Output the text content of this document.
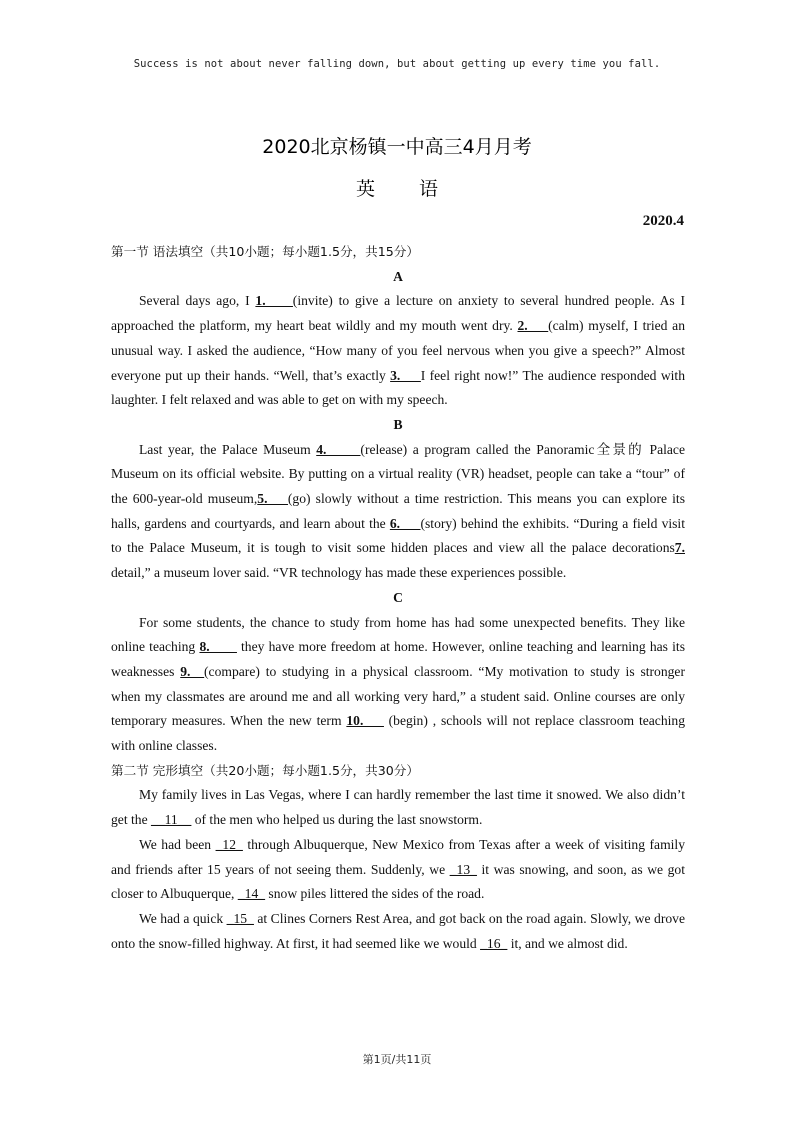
Success is not about never falling down, but about getting up every time you fall.
2020北京杨镇一中高三4月月考
英 语
2020.4

第一节 语法填空（共10小题；每小题1.5分，共15分）

A

Several days ago, I 1.____(invite) to give a lecture on anxiety to several hundred people. As I approached the platform, my heart beat wildly and my mouth went dry. 2.___(calm) myself, I tried an unusual way. I asked the audience, “How many of you feel nervous when you give a speech?” Almost everyone put up their hands. “Well, that’s exactly 3.___I feel right now!” The audience responded with laughter. I felt relaxed and was able to get on with my speech.

B

Last year, the Palace Museum 4._____(release) a program called the Panoramic全景的 Palace Museum on its official website. By putting on a virtual reality (VR) headset, people can take a “tour” of the 600-year-old museum,5.___(go) slowly without a time restriction. This means you can explore its halls, gardens and courtyards, and learn about the 6.___(story) behind the exhibits. “During a field visit to the Palace Museum, it is tough to visit some hidden places and view all the palace decorations7. detail,” a museum lover said. “VR technology has made these experiences possible.

C

For some students, the chance to study from home has had some unexpected benefits. They like online teaching 8.____ they have more freedom at home. However, online teaching and learning has its weaknesses 9.__(compare) to studying in a physical classroom. “My motivation to study is stronger when my classmates are around me and all working very hard,” a student said. Online courses are only temporary measures. When the new term 10.___ (begin) , schools will not replace classroom teaching with online classes.

第二节 完形填空（共20小题；每小题1.5分，共30分）

My family lives in Las Vegas, where I can hardly remember the last time it snowed. We also didn’t get the __11__ of the men who helped us during the last snowstorm.

We had been _12_ through Albuquerque, New Mexico from Texas after a week of visiting family and friends after 15 years of not seeing them. Suddenly, we _13_ it was snowing, and soon, as we got closer to Albuquerque, _14_ snow piles littered the sides of the road.

We had a quick _15_ at Clines Corners Rest Area, and got back on the road again. Slowly, we drove onto the snow-filled highway. At first, it had seemed like we would _16_ it, and we almost did.

第1页/共11页
